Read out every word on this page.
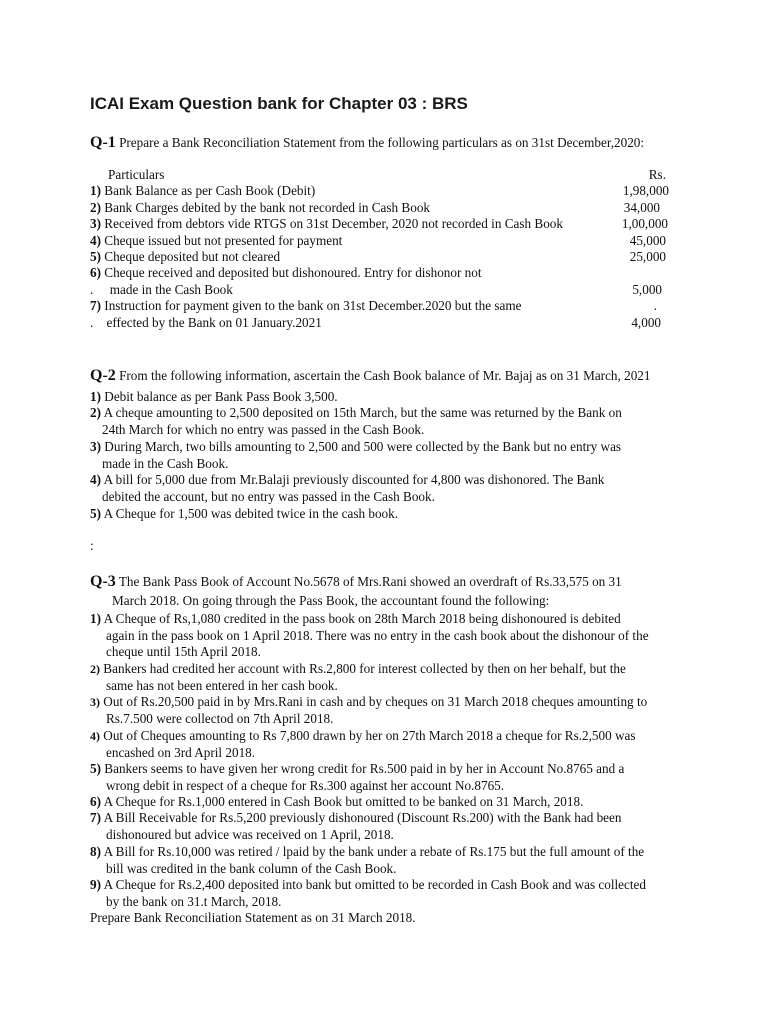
ICAI Exam Question bank for Chapter 03 : BRS
Q-1 Prepare a Bank Reconciliation Statement from the following particulars as on 31st December,2020:
Particulars	Rs.
1) Bank Balance as per Cash Book (Debit)	1,98,000
2) Bank Charges debited by the bank not recorded in Cash Book	34,000
3) Received from debtors vide RTGS on 31st December, 2020 not recorded in Cash Book	1,00,000
4) Cheque issued but not presented for payment	45,000
5) Cheque deposited but not cleared	25,000
6) Cheque received and deposited but dishonoured. Entry for dishonor not
. made in the Cash Book	5,000
7) Instruction for payment given to the bank on 31st December.2020 but the same	.
. effected by the Bank on 01 January.2021	4,000
Q-2 From the following information, ascertain the Cash Book balance of Mr. Bajaj as on 31 March, 2021
1) Debit balance as per Bank Pass Book 3,500.
2) A cheque amounting to 2,500 deposited on 15th March, but the same was returned by the Bank on
24th March for which no entry was passed in the Cash Book.
3) During March, two bills amounting to 2,500 and 500 were collected by the Bank but no entry was
made in the Cash Book.
4) A bill for 5,000 due from Mr.Balaji previously discounted for 4,800 was dishonored. The Bank
debited the account, but no entry was passed in the Cash Book.
5) A Cheque for 1,500 was debited twice in the cash book.
:
Q-3 The Bank Pass Book of Account No.5678 of Mrs.Rani showed an overdraft of Rs.33,575 on 31
March 2018. On going through the Pass Book, the accountant found the following:
1) A Cheque of Rs,1,080 credited in the pass book on 28th March 2018 being dishonoured is debited
again in the pass book on 1 April 2018. There was no entry in the cash book about the dishonour of the
cheque until 15th April 2018.
2) Bankers had credited her account with Rs.2,800 for interest collected by then on her behalf, but the
same has not been entered in her cash book.
3) Out of Rs.20,500 paid in by Mrs.Rani in cash and by cheques on 31 March 2018 cheques amounting to
Rs.7.500 were collectod on 7th April 2018.
4) Out of Cheques amounting to Rs 7,800 drawn by her on 27th March 2018 a cheque for Rs.2,500 was
encashed on 3rd April 2018.
5) Bankers seems to have given her wrong credit for Rs.500 paid in by her in Account No.8765 and a
wrong debit in respect of a cheque for Rs.300 against her account No.8765.
6) A Cheque for Rs.1,000 entered in Cash Book but omitted to be banked on 31 March, 2018.
7) A Bill Receivable for Rs.5,200 previously dishonoured (Discount Rs.200) with the Bank had been
dishonoured but advice was received on 1 April, 2018.
8) A Bill for Rs.10,000 was retired / lpaid by the bank under a rebate of Rs.175 but the full amount of the
bill was credited in the bank column of the Cash Book.
9) A Cheque for Rs.2,400 deposited into bank but omitted to be recorded in Cash Book and was collected
by the bank on 31.t March, 2018.
Prepare Bank Reconciliation Statement as on 31 March 2018.
